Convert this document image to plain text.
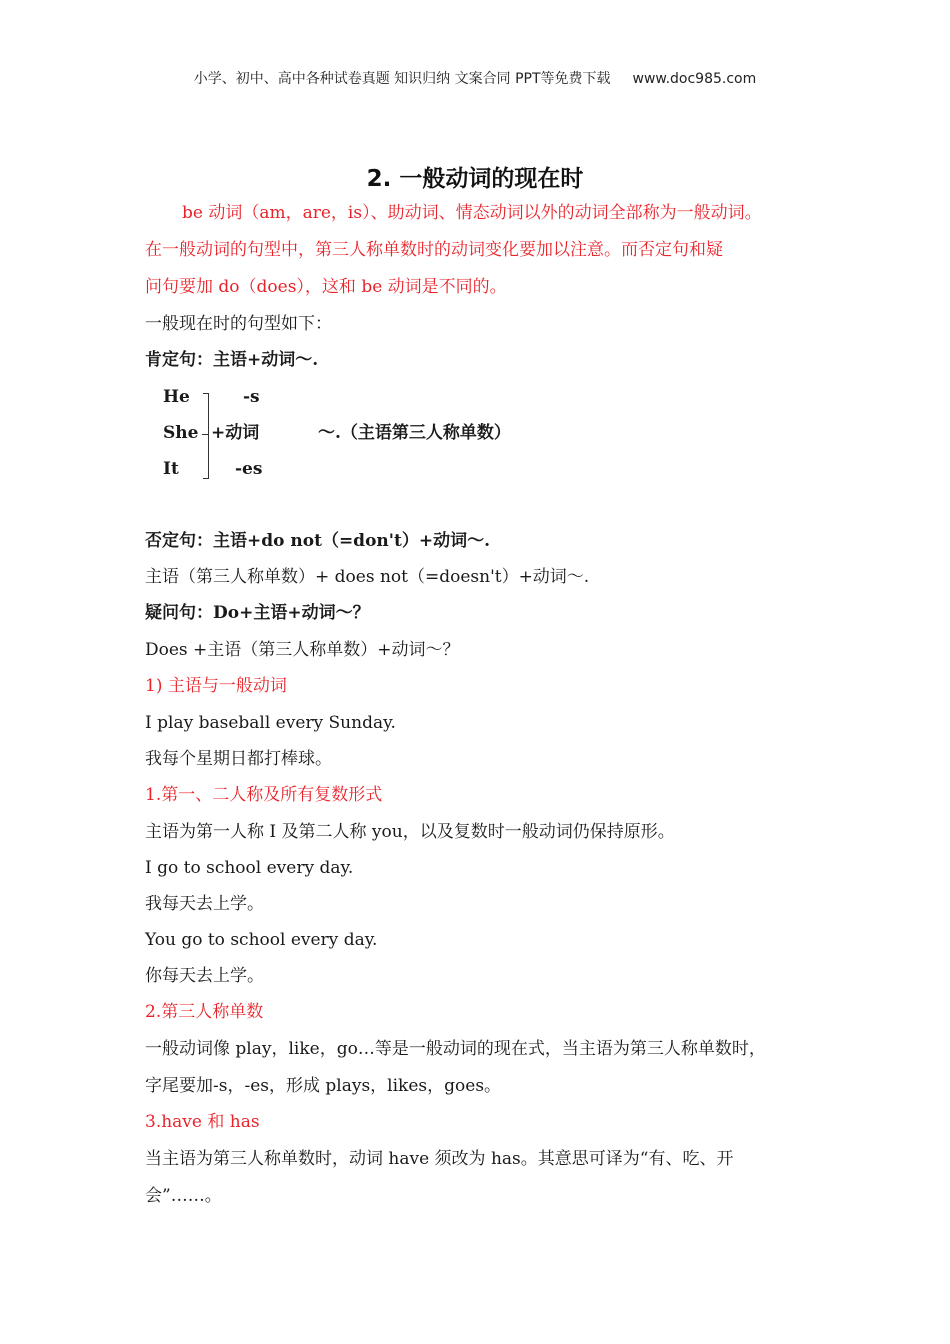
小学、初中、高中各种试卷真题 知识归纳 文案合同 PPT等免费下载 www.doc985.com
2. 一般动词的现在时
be 动词（am，are，is）、助动词、情态动词以外的动词全部称为一般动词。
在一般动词的句型中，第三人称单数时的动词变化要加以注意。而否定句和疑
问句要加 do（does），这和 be 动词是不同的。
一般现在时的句型如下：
肯定句：主语+动词～.
He	-s
She +动词	～.（主语第三人称单数）
It	-es
否定句：主语+do not（=don't）+动词～.
主语（第三人称单数）+ does not（=doesn't）+动词～.
疑问句：Do+主语+动词～？
Does +主语（第三人称单数）+动词～？
1) 主语与一般动词
I play baseball every Sunday.
我每个星期日都打棒球。
1.第一、二人称及所有复数形式
主语为第一人称 I 及第二人称 you，以及复数时一般动词仍保持原形。
I go to school every day.
我每天去上学。
You go to school every day.
你每天去上学。
2.第三人称单数
一般动词像 play，like，go…等是一般动词的现在式，当主语为第三人称单数时，
字尾要加-s，-es，形成 plays，likes，goes。
3.have 和 has
当主语为第三人称单数时，动词 have 须改为 has。其意思可译为“有、吃、开
会”……。
